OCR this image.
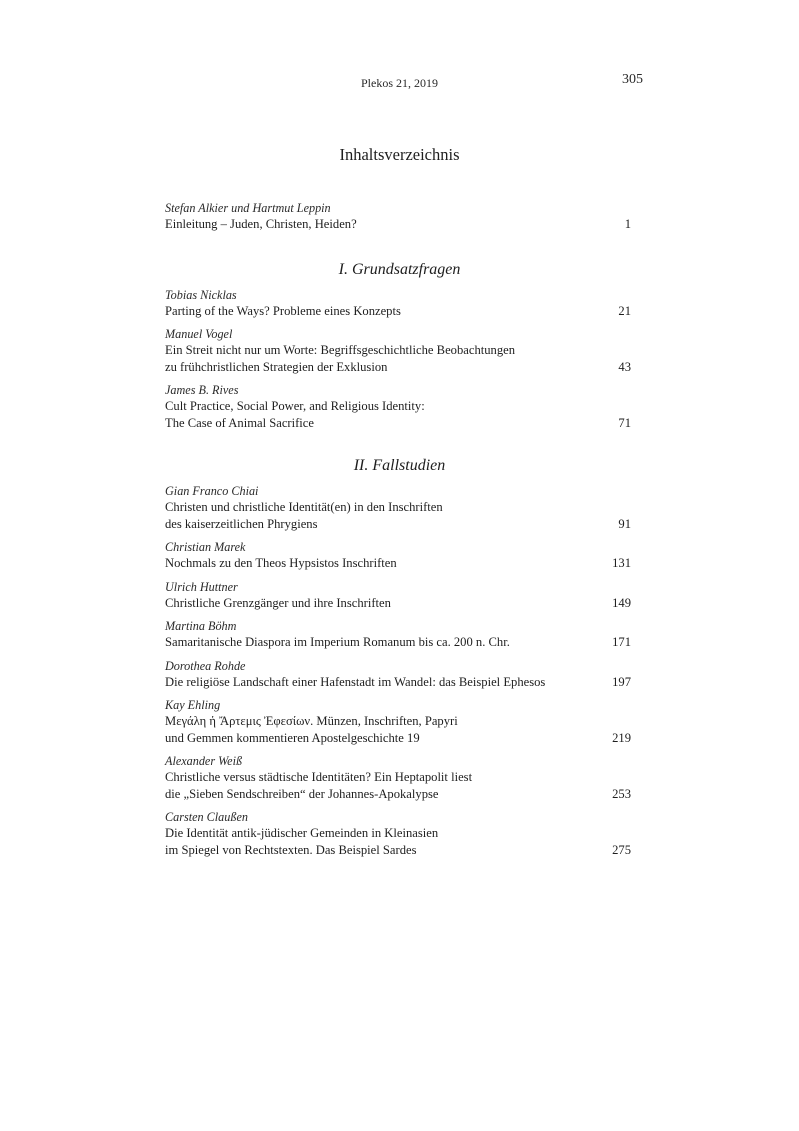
Plekos 21, 2019	305
Inhaltsverzeichnis
Stefan Alkier und Hartmut Leppin
Einleitung – Juden, Christen, Heiden?	1
I. Grundsatzfragen
Tobias Nicklas
Parting of the Ways? Probleme eines Konzepts	21
Manuel Vogel
Ein Streit nicht nur um Worte: Begriffsgeschichtliche Beobachtungen
zu frühchristlichen Strategien der Exklusion	43
James B. Rives
Cult Practice, Social Power, and Religious Identity:
The Case of Animal Sacrifice	71
II. Fallstudien
Gian Franco Chiai
Christen und christliche Identität(en) in den Inschriften
des kaiserzeitlichen Phrygiens	91
Christian Marek
Nochmals zu den Theos Hypsistos Inschriften	131
Ulrich Huttner
Christliche Grenzgänger und ihre Inschriften	149
Martina Böhm
Samaritanische Diaspora im Imperium Romanum bis ca. 200 n. Chr.	171
Dorothea Rohde
Die religiöse Landschaft einer Hafenstadt im Wandel: das Beispiel Ephesos	197
Kay Ehling
Μεγάλη ἡ Ἄρτεμις Ἐφεσίων. Münzen, Inschriften, Papyri
und Gemmen kommentieren Apostelgeschichte 19	219
Alexander Weiß
Christliche versus städtische Identitäten? Ein Heptapolit liest
die „Sieben Sendschreiben“ der Johannes-Apokalypse	253
Carsten Claußen
Die Identität antik-jüdischer Gemeinden in Kleinasien
im Spiegel von Rechtstexten. Das Beispiel Sardes	275
